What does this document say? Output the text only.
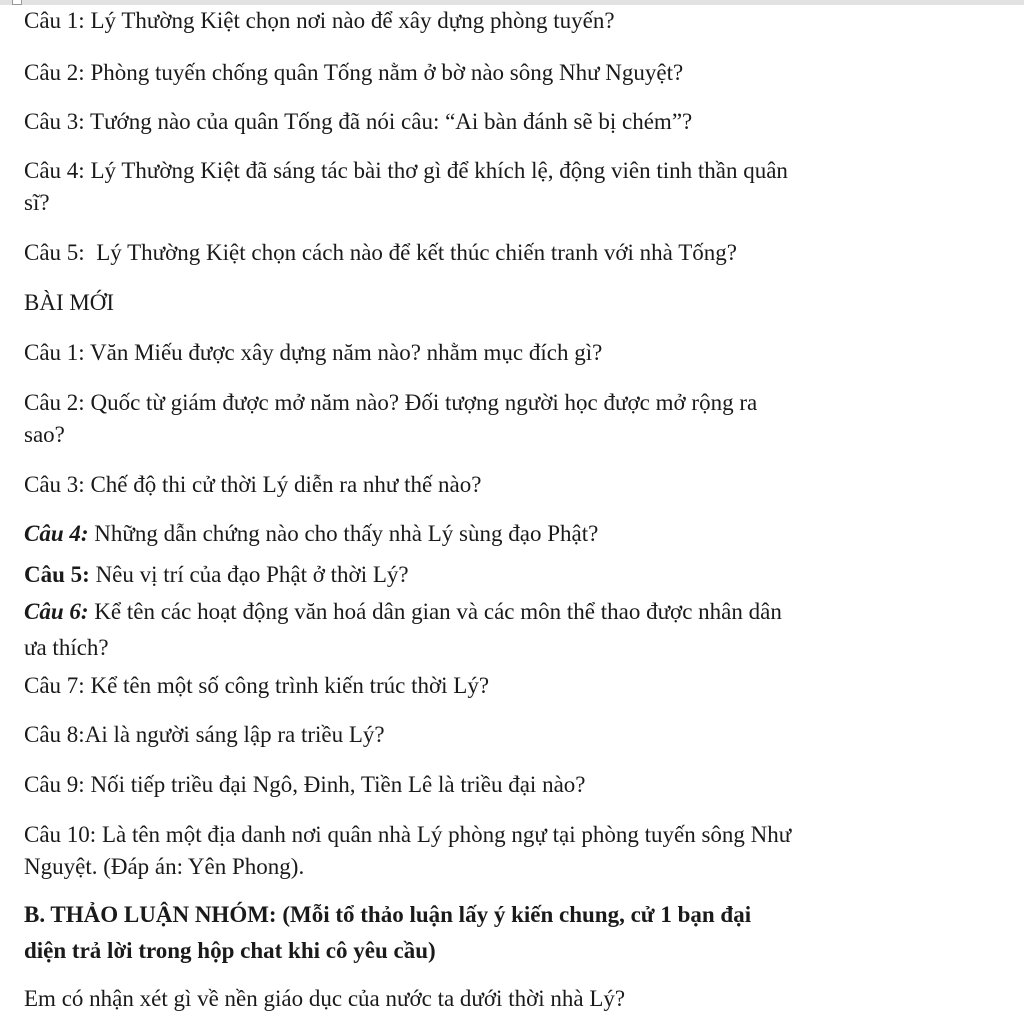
Câu 1: Lý Thường Kiệt chọn nơi nào để xây dựng phòng tuyến?
Câu 2: Phòng tuyến chống quân Tống nằm ở bờ nào sông Như Nguyệt?
Câu 3: Tướng nào của quân Tống đã nói câu: “Ai bàn đánh sẽ bị chém”?
Câu 4: Lý Thường Kiệt đã sáng tác bài thơ gì để khích lệ, động viên tinh thần quân
sĩ?
Câu 5:  Lý Thường Kiệt chọn cách nào để kết thúc chiến tranh với nhà Tống?
BÀI MỚI
Câu 1: Văn Miếu được xây dựng năm nào? nhằm mục đích gì?
Câu 2: Quốc từ giám được mở năm nào? Đối tượng người học được mở rộng ra
sao?
Câu 3: Chế độ thi cử thời Lý diễn ra như thế nào?
Câu 4: Những dẫn chứng nào cho thấy nhà Lý sùng đạo Phật?
Câu 5: Nêu vị trí của đạo Phật ở thời Lý?
Câu 6: Kể tên các hoạt động văn hoá dân gian và các môn thể thao được nhân dân
ưa thích?
Câu 7: Kể tên một số công trình kiến trúc thời Lý?
Câu 8:Ai là người sáng lập ra triều Lý?
Câu 9: Nối tiếp triều đại Ngô, Đinh, Tiền Lê là triều đại nào?
Câu 10: Là tên một địa danh nơi quân nhà Lý phòng ngự tại phòng tuyến sông Như
Nguyệt. (Đáp án: Yên Phong).
B. THẢO LUẬN NHÓM: (Mỗi tổ thảo luận lấy ý kiến chung, cử 1 bạn đại
diện trả lời trong hộp chat khi cô yêu cầu)
Em có nhận xét gì về nền giáo dục của nước ta dưới thời nhà Lý?
